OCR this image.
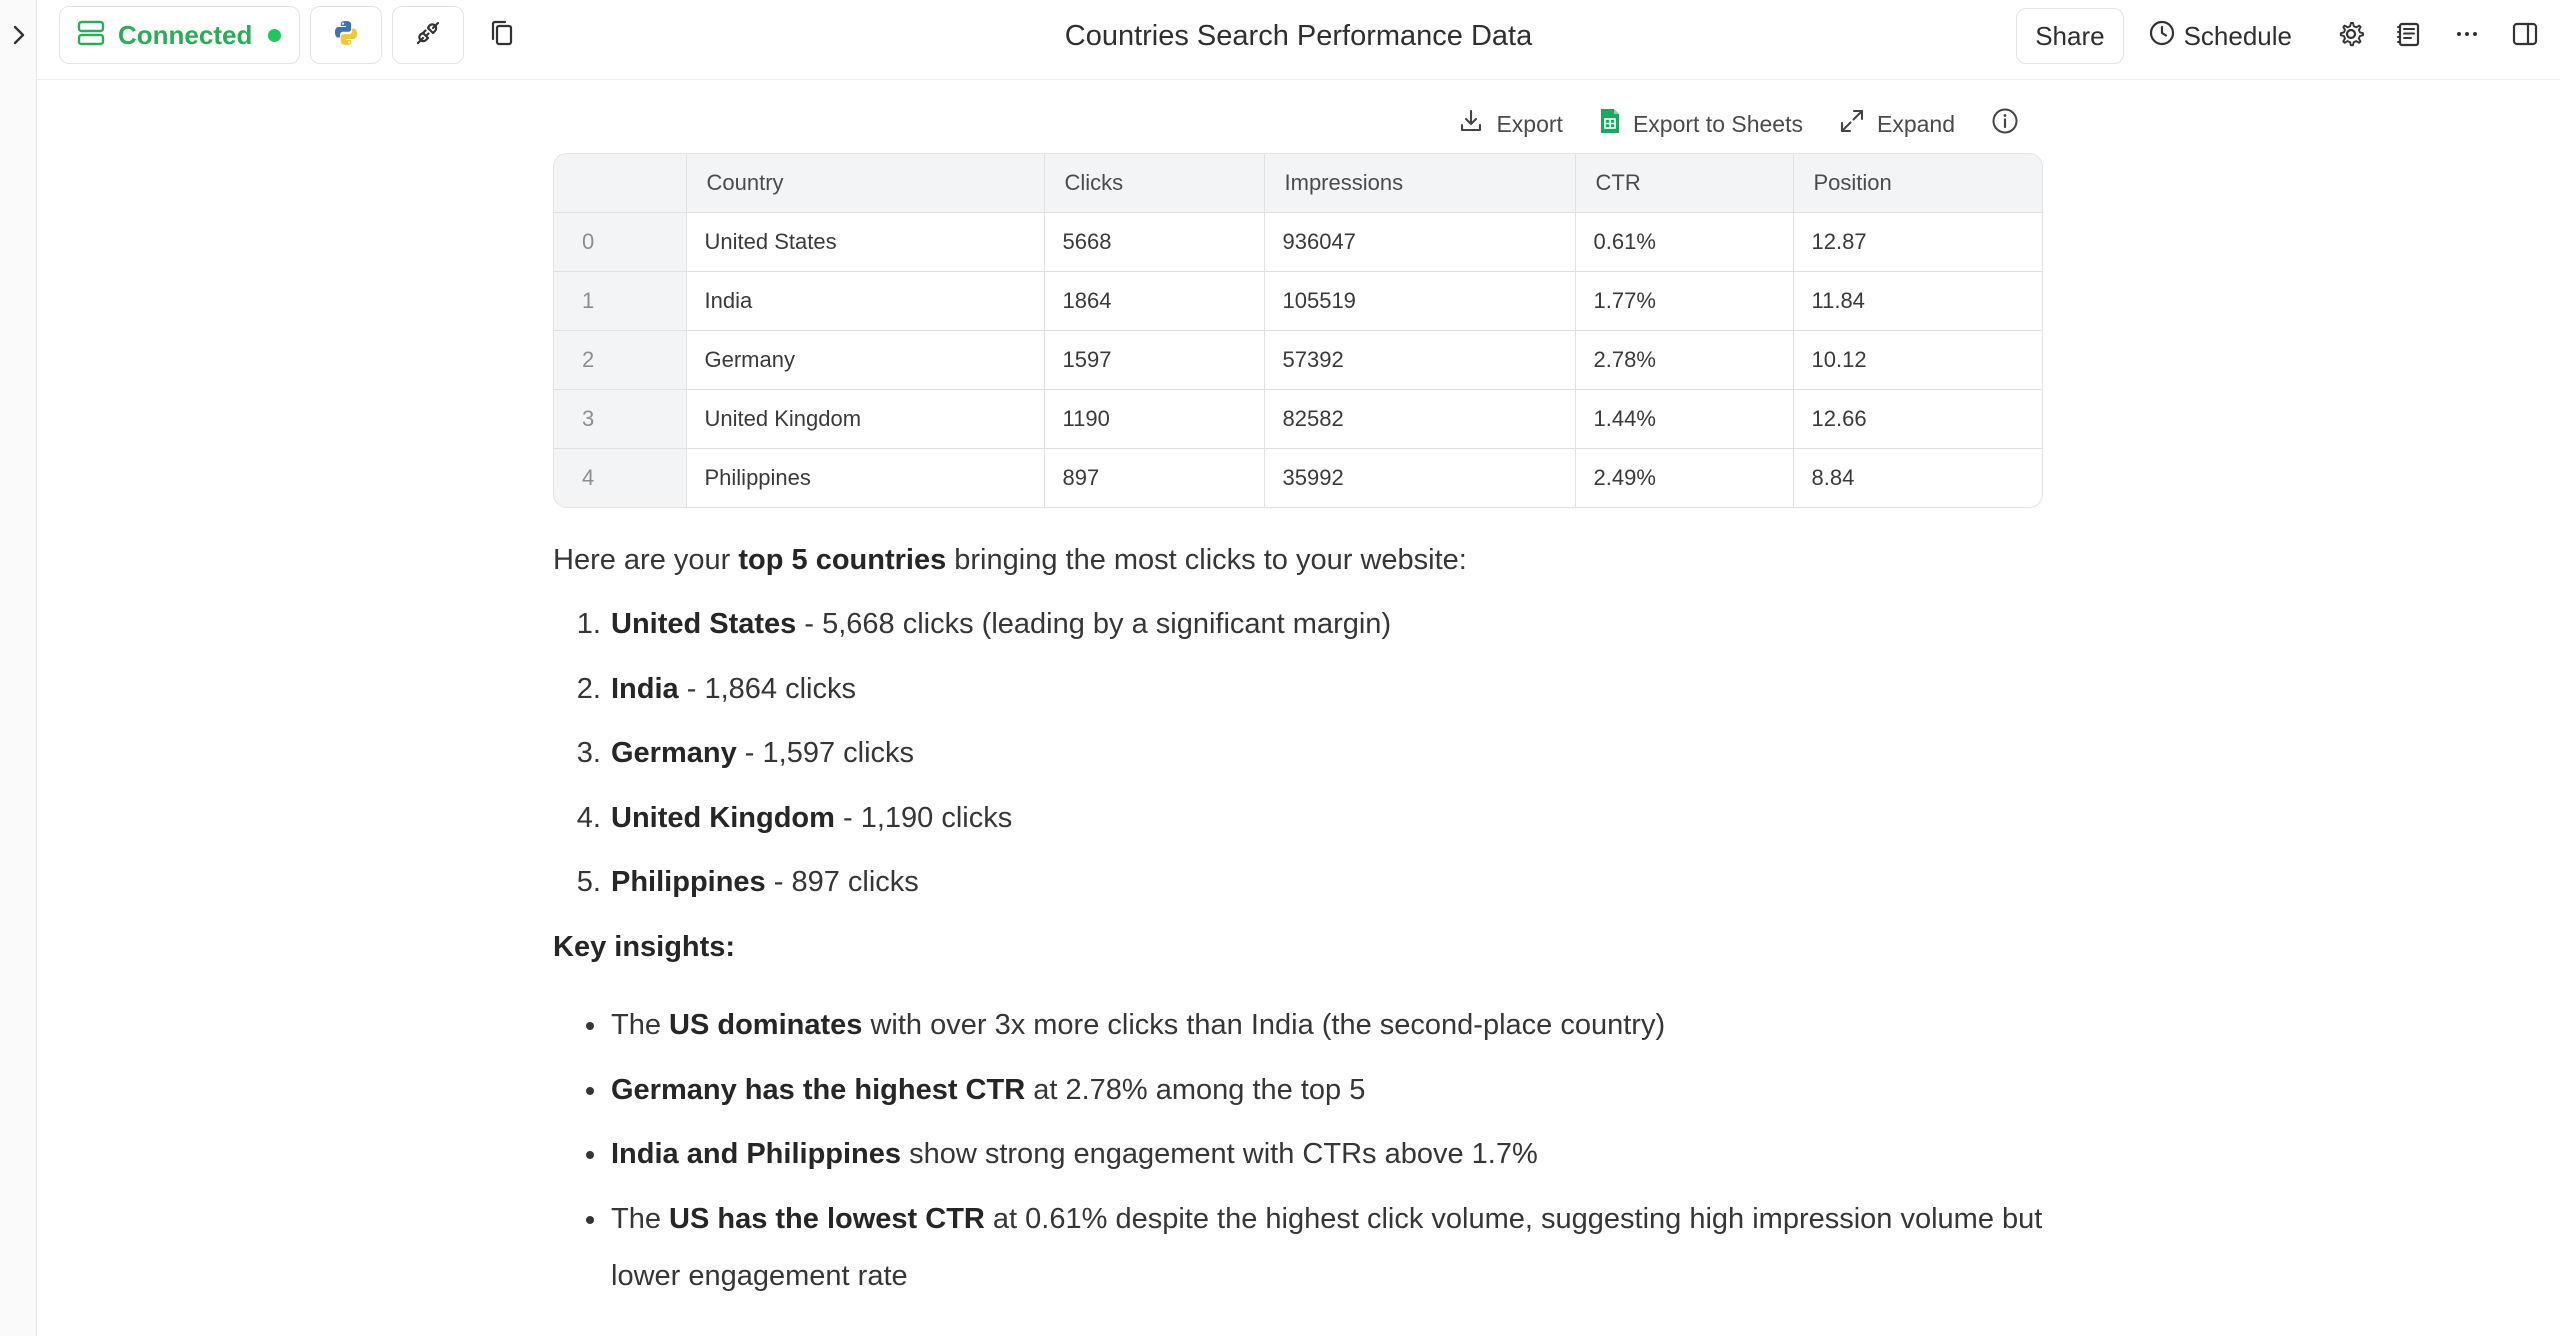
Countries Search Performance Data
Connected	Share	Schedule
Export	Export to Sheets	Expand
	Country	Clicks	Impressions	CTR	Position
0	United States	5668	936047	0.61%	12.87
1	India	1864	105519	1.77%	11.84
2	Germany	1597	57392	2.78%	10.12
3	United Kingdom	1190	82582	1.44%	12.66
4	Philippines	897	35992	2.49%	8.84

Here are your top 5 countries bringing the most clicks to your website:

1. United States - 5,668 clicks (leading by a significant margin)
2. India - 1,864 clicks
3. Germany - 1,597 clicks
4. United Kingdom - 1,190 clicks
5. Philippines - 897 clicks

Key insights:

• The US dominates with over 3x more clicks than India (the second-place country)
• Germany has the highest CTR at 2.78% among the top 5
• India and Philippines show strong engagement with CTRs above 1.7%
• The US has the lowest CTR at 0.61% despite the highest click volume, suggesting high impression volume but lower engagement rate
